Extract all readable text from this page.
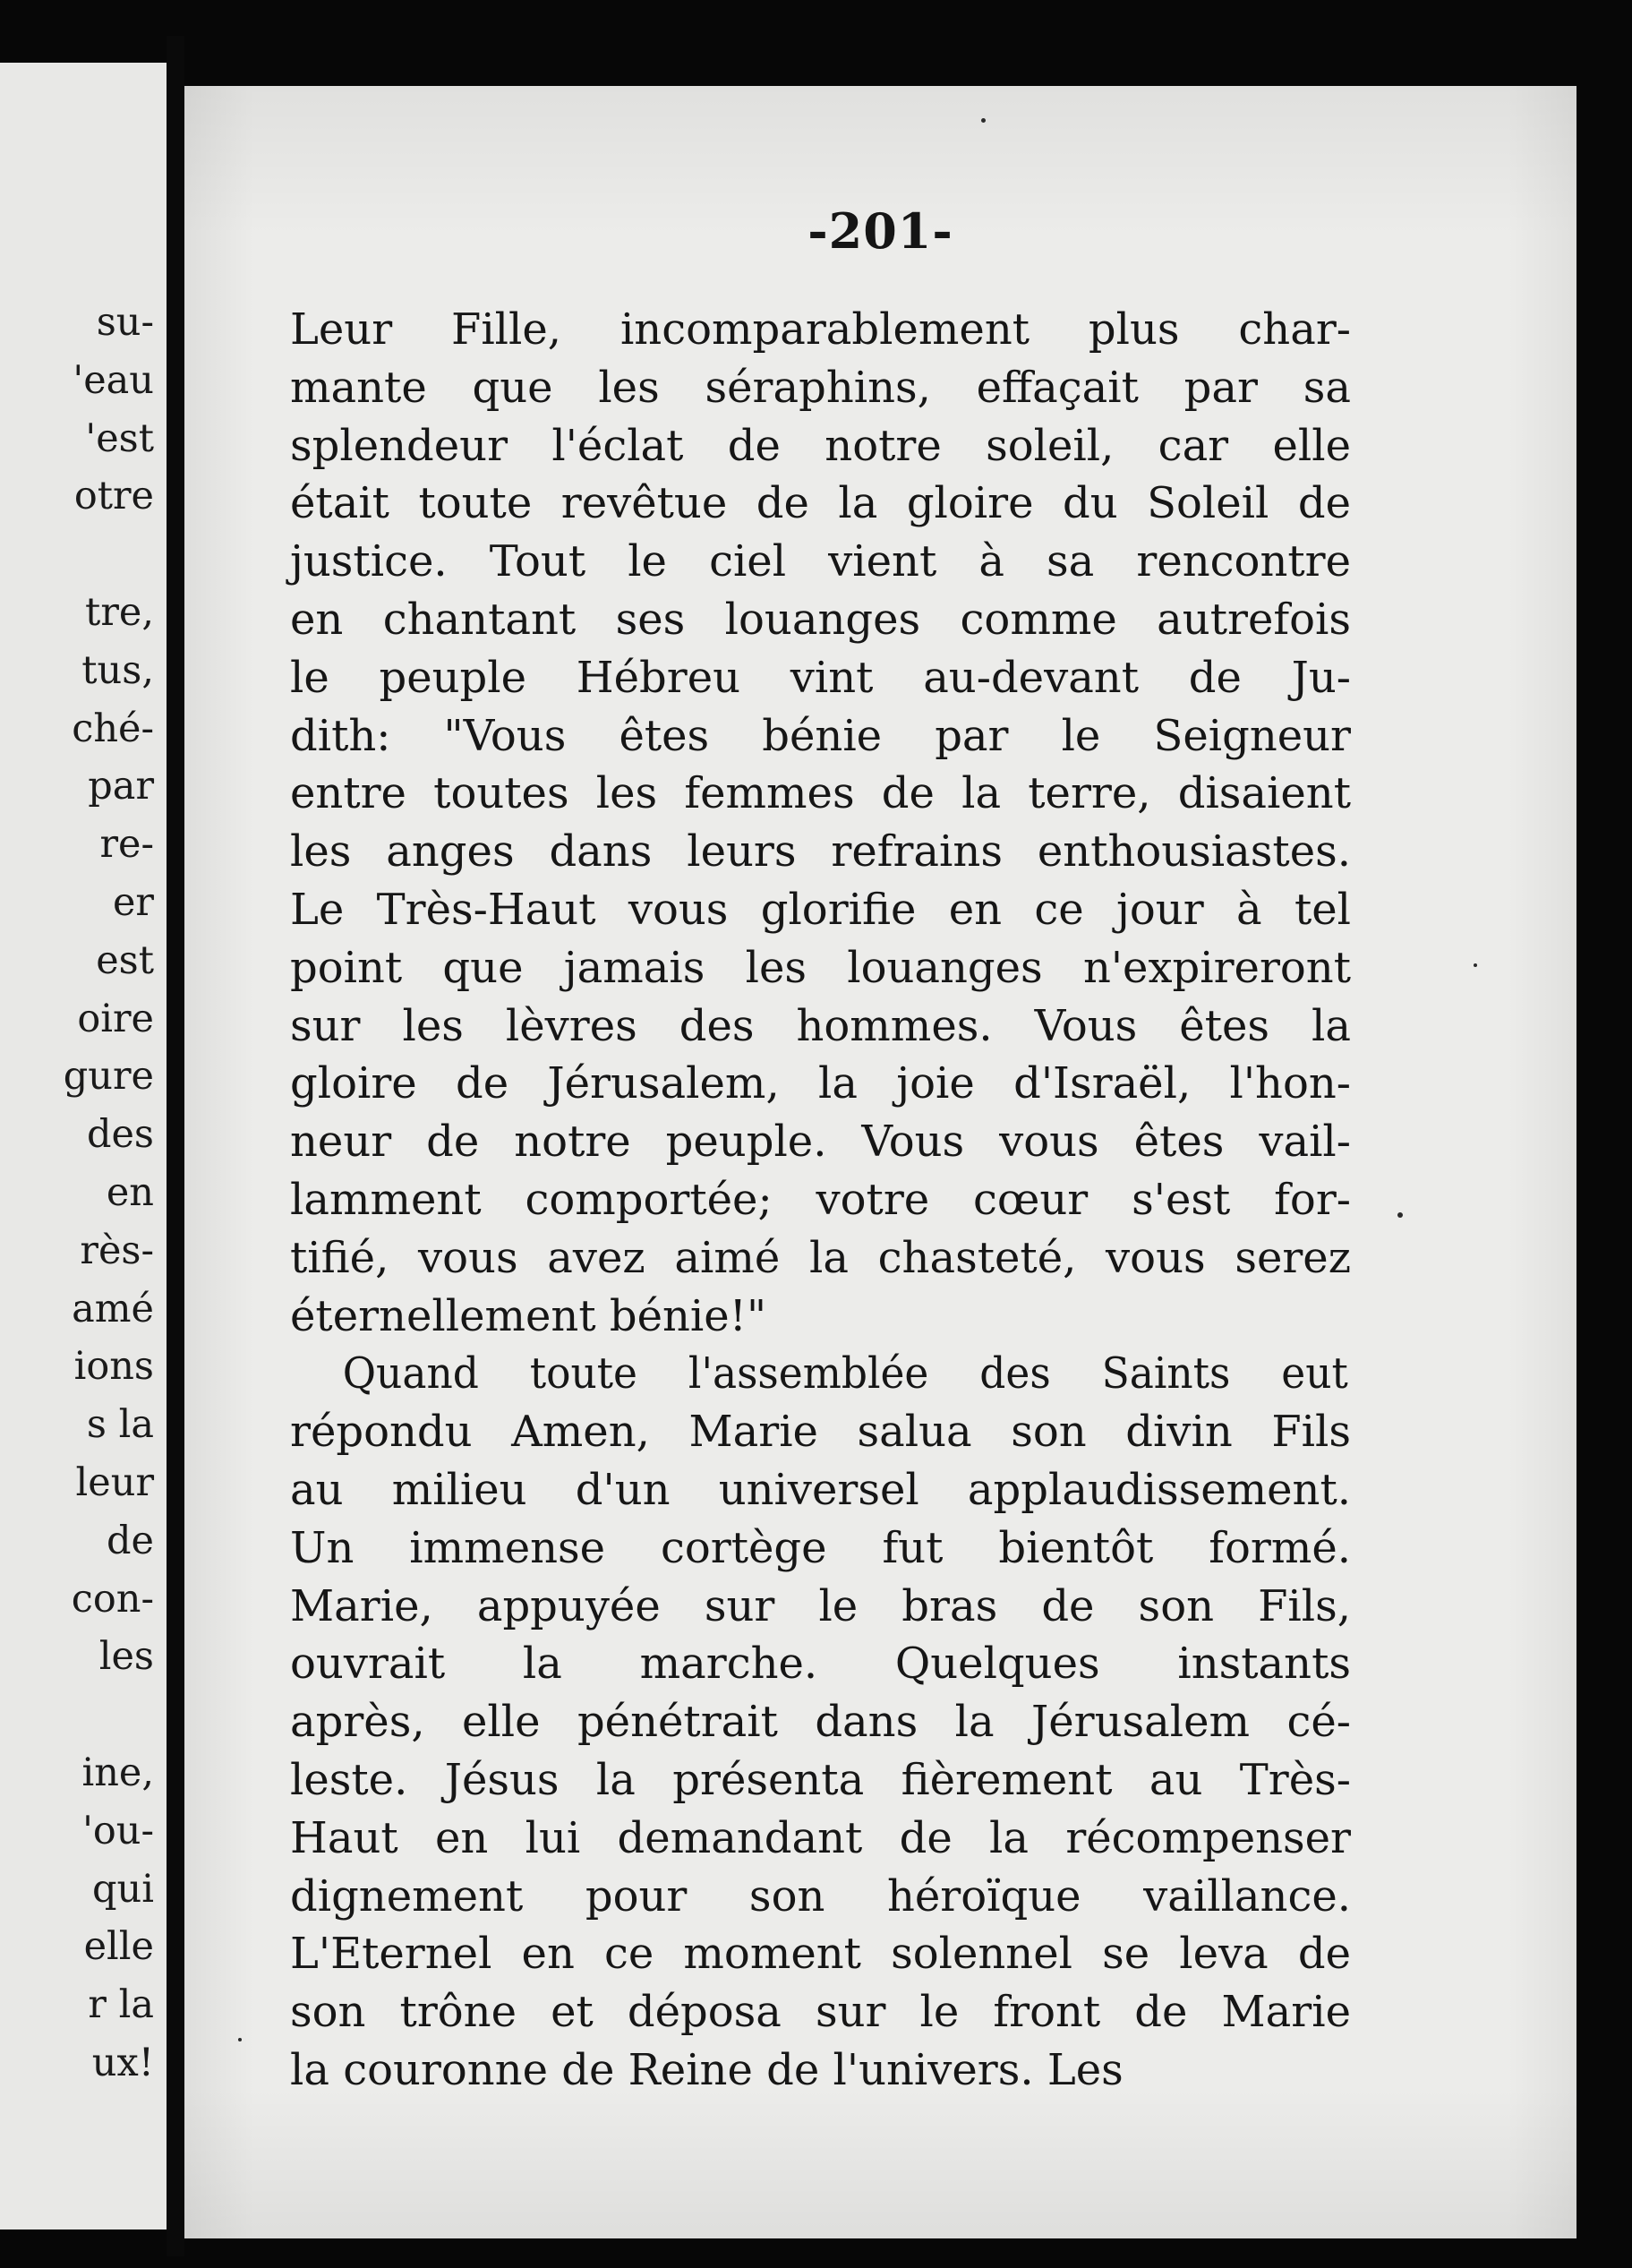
su-
'eau
'est
otre
tre,
tus,
ché-
par
re-
er
est
oire
gure
des
en
rès-
amé
ions
s la
leur
de
con-
les
ine,
'ou-
qui
elle
r la
ux!
-201-
Leur Fille, incomparablement plus char-
mante que les séraphins, effaçait par sa
splendeur l'éclat de notre soleil, car elle
était toute revêtue de la gloire du Soleil de
justice. Tout le ciel vient à sa rencontre
en chantant ses louanges comme autrefois
le peuple Hébreu vint au-devant de Ju-
dith: "Vous êtes bénie par le Seigneur
entre toutes les femmes de la terre, disaient
les anges dans leurs refrains enthousiastes.
Le Très-Haut vous glorifie en ce jour à tel
point que jamais les louanges n'expireront
sur les lèvres des hommes. Vous êtes la
gloire de Jérusalem, la joie d'Israël, l'hon-
neur de notre peuple. Vous vous êtes vail-
lamment comportée; votre cœur s'est for-
tifié, vous avez aimé la chasteté, vous serez
éternellement bénie!"
Quand toute l'assemblée des Saints eut
répondu Amen, Marie salua son divin Fils
au milieu d'un universel applaudissement.
Un immense cortège fut bientôt formé.
Marie, appuyée sur le bras de son Fils,
ouvrait la marche. Quelques instants
après, elle pénétrait dans la Jérusalem cé-
leste. Jésus la présenta fièrement au Très-
Haut en lui demandant de la récompenser
dignement pour son héroïque vaillance.
L'Eternel en ce moment solennel se leva de
son trône et déposa sur le front de Marie
la couronne de Reine de l'univers. Les
